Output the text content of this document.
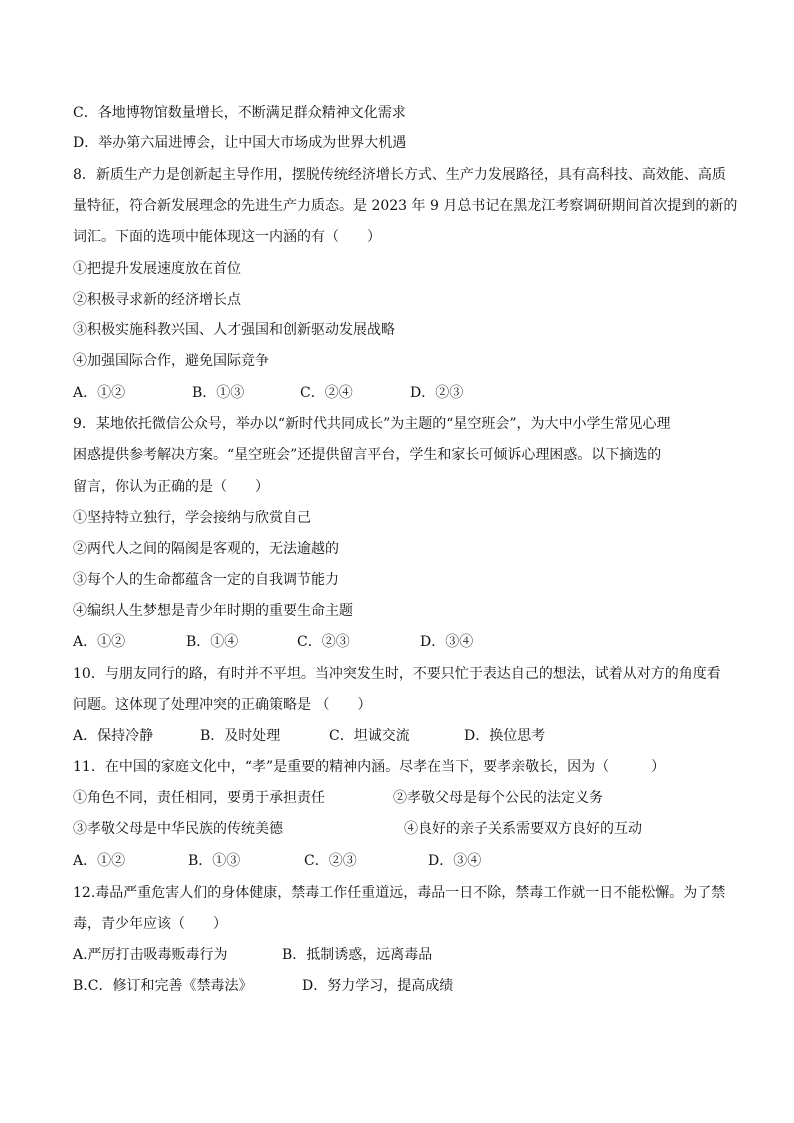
C．各地博物馆数量增长，不断满足群众精神文化需求
D．举办第六届进博会，让中国大市场成为世界大机遇
8．新质生产力是创新起主导作用，摆脱传统经济增长方式、生产力发展路径，具有高科技、高效能、高质
量特征，符合新发展理念的先进生产力质态。是 2023 年 9 月总书记在黑龙江考察调研期间首次提到的新的
词汇。下面的选项中能体现这一内涵的有（　　）
①把提升发展速度放在首位
②积极寻求新的经济增长点
③积极实施科教兴国、人才强国和创新驱动发展战略
④加强国际合作，避免国际竞争
A．①②	B．①③	C．②④	D．②③
9．某地依托微信公众号，举办以“新时代共同成长”为主题的“星空班会”，为大中小学生常见心理
困惑提供参考解决方案。“星空班会”还提供留言平台，学生和家长可倾诉心理困惑。以下摘选的
留言，你认为正确的是（　　）
①坚持特立独行，学会接纳与欣赏自己
②两代人之间的隔阂是客观的，无法逾越的
③每个人的生命都蕴含一定的自我调节能力
④编织人生梦想是青少年时期的重要生命主题
A．①②	B．①④	C．②③	D．③④
10．与朋友同行的路，有时并不平坦。当冲突发生时，不要只忙于表达自己的想法，试着从对方的角度看
问题。这体现了处理冲突的正确策略是 （　　）
A．保持冷静	B．及时处理	C．坦诚交流	D．换位思考
11．在中国的家庭文化中，“孝”是重要的精神内涵。尽孝在当下，要孝亲敬长，因为（　　　）
①角色不同，责任相同，要勇于承担责任	②孝敬父母是每个公民的法定义务
③孝敬父母是中华民族的传统美德	④良好的亲子关系需要双方良好的互动
A．①②	B．①③	C．②③	D．③④
12.毒品严重危害人们的身体健康，禁毒工作任重道远，毒品一日不除，禁毒工作就一日不能松懈。为了禁
毒，青少年应该（　　）
A.严厉打击吸毒贩毒行为	B．抵制诱惑，远离毒品
B.C．修订和完善《禁毒法》	D．努力学习，提高成绩
